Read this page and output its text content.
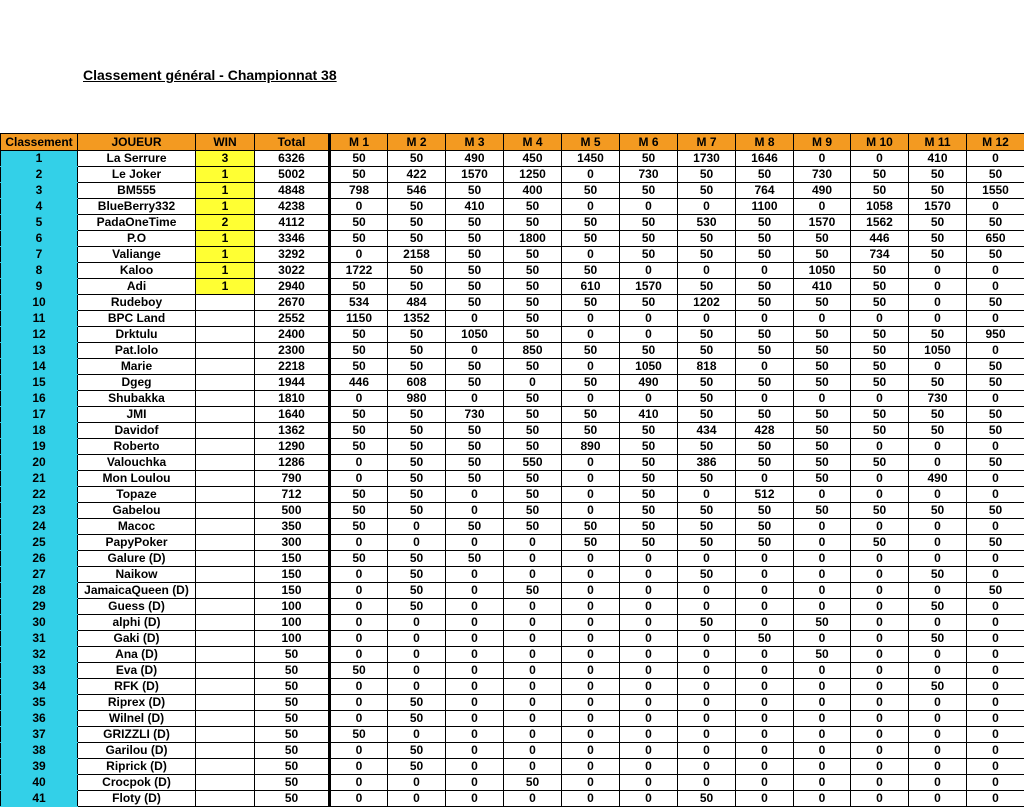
Classement général - Championnat 38
Classement	JOUEUR	WIN	Total	M 1	M 2	M 3	M 4	M 5	M 6	M 7	M 8	M 9	M 10	M 11	M 12
1	La Serrure	3	6326	50	50	490	450	1450	50	1730	1646	0	0	410	0
2	Le Joker	1	5002	50	422	1570	1250	0	730	50	50	730	50	50	50
3	BM555	1	4848	798	546	50	400	50	50	50	764	490	50	50	1550
4	BlueBerry332	1	4238	0	50	410	50	0	0	0	1100	0	1058	1570	0
5	PadaOneTime	2	4112	50	50	50	50	50	50	530	50	1570	1562	50	50
6	P.O	1	3346	50	50	50	1800	50	50	50	50	50	446	50	650
7	Valiange	1	3292	0	2158	50	50	0	50	50	50	50	734	50	50
8	Kaloo	1	3022	1722	50	50	50	50	0	0	0	1050	50	0	0
9	Adi	1	2940	50	50	50	50	610	1570	50	50	410	50	0	0
10	Rudeboy		2670	534	484	50	50	50	50	1202	50	50	50	0	50
11	BPC Land		2552	1150	1352	0	50	0	0	0	0	0	0	0	0
12	Drktulu		2400	50	50	1050	50	0	0	50	50	50	50	50	950
13	Pat.lolo		2300	50	50	0	850	50	50	50	50	50	50	1050	0
14	Marie		2218	50	50	50	50	0	1050	818	0	50	50	0	50
15	Dgeg		1944	446	608	50	0	50	490	50	50	50	50	50	50
16	Shubakka		1810	0	980	0	50	0	0	50	0	0	0	730	0
17	JMI		1640	50	50	730	50	50	410	50	50	50	50	50	50
18	Davidof		1362	50	50	50	50	50	50	434	428	50	50	50	50
19	Roberto		1290	50	50	50	50	890	50	50	50	50	0	0	0
20	Valouchka		1286	0	50	50	550	0	50	386	50	50	50	0	50
21	Mon Loulou		790	0	50	50	50	0	50	50	0	50	0	490	0
22	Topaze		712	50	50	0	50	0	50	0	512	0	0	0	0
23	Gabelou		500	50	50	0	50	0	50	50	50	50	50	50	50
24	Macoc		350	50	0	50	50	50	50	50	50	0	0	0	0
25	PapyPoker		300	0	0	0	0	50	50	50	50	0	50	0	50
26	Galure (D)		150	50	50	50	0	0	0	0	0	0	0	0	0
27	Naikow		150	0	50	0	0	0	0	50	0	0	0	50	0
28	JamaicaQueen (D)		150	0	50	0	50	0	0	0	0	0	0	0	50
29	Guess (D)		100	0	50	0	0	0	0	0	0	0	0	50	0
30	alphi (D)		100	0	0	0	0	0	0	50	0	50	0	0	0
31	Gaki (D)		100	0	0	0	0	0	0	0	50	0	0	50	0
32	Ana (D)		50	0	0	0	0	0	0	0	0	50	0	0	0
33	Eva (D)		50	50	0	0	0	0	0	0	0	0	0	0	0
34	RFK (D)		50	0	0	0	0	0	0	0	0	0	0	50	0
35	Riprex (D)		50	0	50	0	0	0	0	0	0	0	0	0	0
36	Wilnel (D)		50	0	50	0	0	0	0	0	0	0	0	0	0
37	GRIZZLI (D)		50	50	0	0	0	0	0	0	0	0	0	0	0
38	Garilou (D)		50	0	50	0	0	0	0	0	0	0	0	0	0
39	Riprick (D)		50	0	50	0	0	0	0	0	0	0	0	0	0
40	Crocpok (D)		50	0	0	0	50	0	0	0	0	0	0	0	0
41	Floty (D)		50	0	0	0	0	0	0	50	0	0	0	0	0
